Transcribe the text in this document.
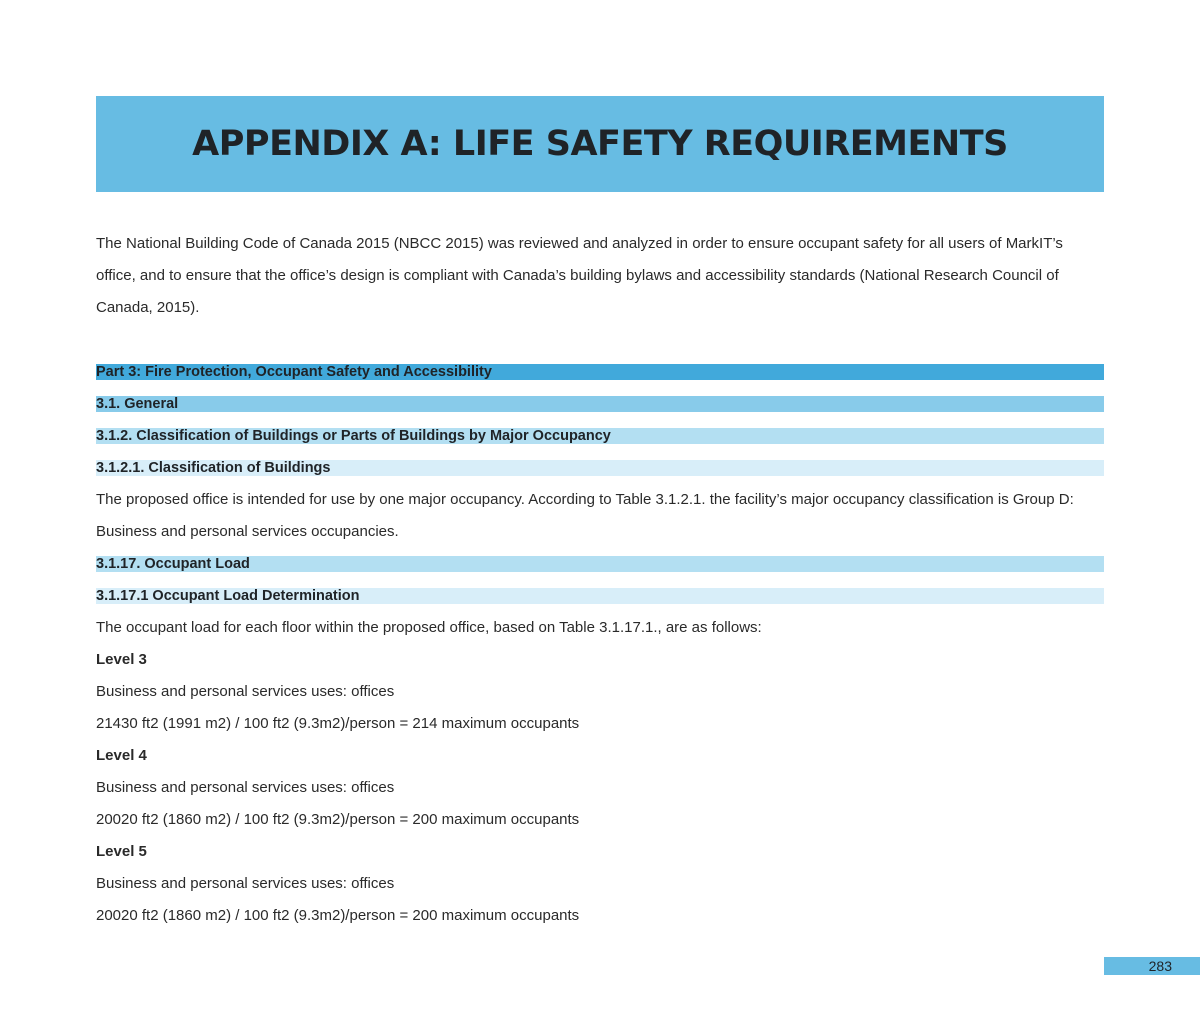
APPENDIX A: LIFE SAFETY REQUIREMENTS

The National Building Code of Canada 2015 (NBCC 2015) was reviewed and analyzed in order to ensure occupant safety for all users of MarkIT’s office, and to ensure that the office’s design is compliant with Canada’s building bylaws and accessibility standards (National Research Council of Canada, 2015).

Part 3: Fire Protection, Occupant Safety and Accessibility
3.1. General
3.1.2. Classification of Buildings or Parts of Buildings by Major Occupancy
3.1.2.1. Classification of Buildings

The proposed office is intended for use by one major occupancy. According to Table 3.1.2.1. the facility’s major occupancy classification is Group D: Business and personal services occupancies.

3.1.17. Occupant Load
3.1.17.1 Occupant Load Determination
The occupant load for each floor within the proposed office, based on Table 3.1.17.1., are as follows:
Level 3
Business and personal services uses: offices
21430 ft2 (1991 m2) / 100 ft2 (9.3m2)/person = 214 maximum occupants
Level 4
Business and personal services uses: offices
20020 ft2 (1860 m2) / 100 ft2 (9.3m2)/person = 200 maximum occupants
Level 5
Business and personal services uses: offices
20020 ft2 (1860 m2) / 100 ft2 (9.3m2)/person = 200 maximum occupants
283
